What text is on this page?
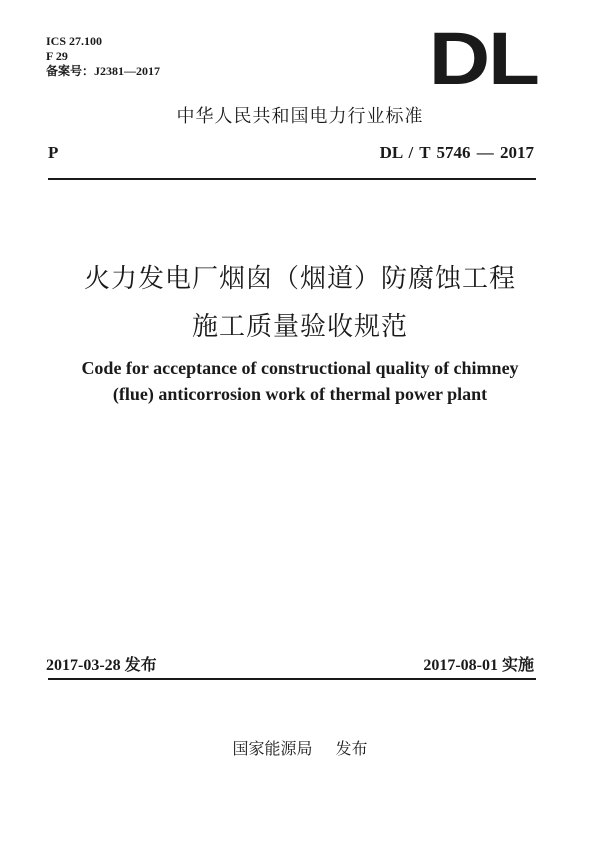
ICS 27.100
F 29
备案号：J2381—2017	DL
中华人民共和国电力行业标准
P	DL / T 5746 — 2017
火力发电厂烟囱（烟道）防腐蚀工程
施工质量验收规范
Code for acceptance of constructional quality of chimney
(flue) anticorrosion work of thermal power plant
2017-03-28 发布	2017-08-01 实施
国家能源局 发布
